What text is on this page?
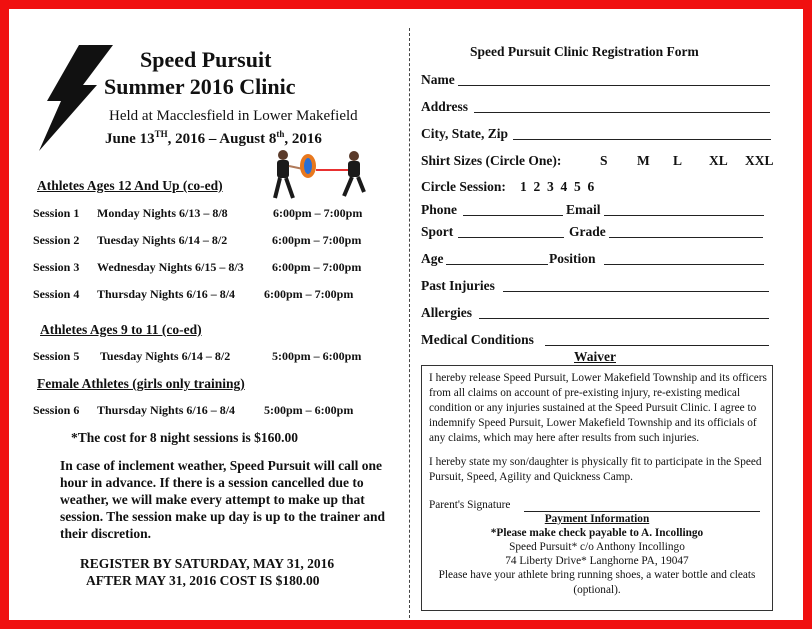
Speed Pursuit
Summer 2016 Clinic
Held at Macclesfield in Lower Makefield
June 13TH, 2016 – August 8th, 2016
Athletes Ages 12 And Up (co-ed)
Session 1 Monday Nights 6/13 – 8/8	6:00pm – 7:00pm
Session 2 Tuesday Nights 6/14 – 8/2	6:00pm – 7:00pm
Session 3 Wednesday Nights 6/15 – 8/3 6:00pm – 7:00pm
Session 4 Thursday Nights 6/16 – 8/4 6:00pm – 7:00pm
Athletes Ages 9 to 11 (co-ed)
Session 5 Tuesday Nights 6/14 – 8/2	5:00pm – 6:00pm
Female Athletes (girls only training)
Session 6 Thursday Nights 6/16 – 8/4 5:00pm – 6:00pm
*The cost for 8 night sessions is $160.00
In case of inclement weather, Speed Pursuit will call one hour in advance. If there is a session cancelled due to weather, we will make every attempt to make up that session. The session make up day is up to the trainer and their discretion.
REGISTER BY SATURDAY, MAY 31, 2016
AFTER MAY 31, 2016 COST IS $180.00
Speed Pursuit Clinic Registration Form
Name
Address
City, State, Zip
Shirt Sizes (Circle One):	S M L XL XXL
Circle Session: 1  2  3  4  5  6
Phone	Email
Sport	Grade
Age	Position
Past Injuries
Allergies
Medical Conditions
Waiver
I hereby release Speed Pursuit, Lower Makefield Township and its officers from all claims on account of pre-existing injury, re-existing medical condition or any injuries sustained at the Speed Pursuit Clinic. I agree to indemnify Speed Pursuit, Lower Makefield Township and its officials of any claims, which may here after results from such injuries.
I hereby state my son/daughter is physically fit to participate in the Speed Pursuit, Speed, Agility and Quickness Camp.
Parent's Signature
Payment Information
*Please make check payable to A. Incollingo
Speed Pursuit* c/o Anthony Incollingo
74 Liberty Drive* Langhorne PA, 19047
Please have your athlete bring running shoes, a water bottle and cleats (optional).
